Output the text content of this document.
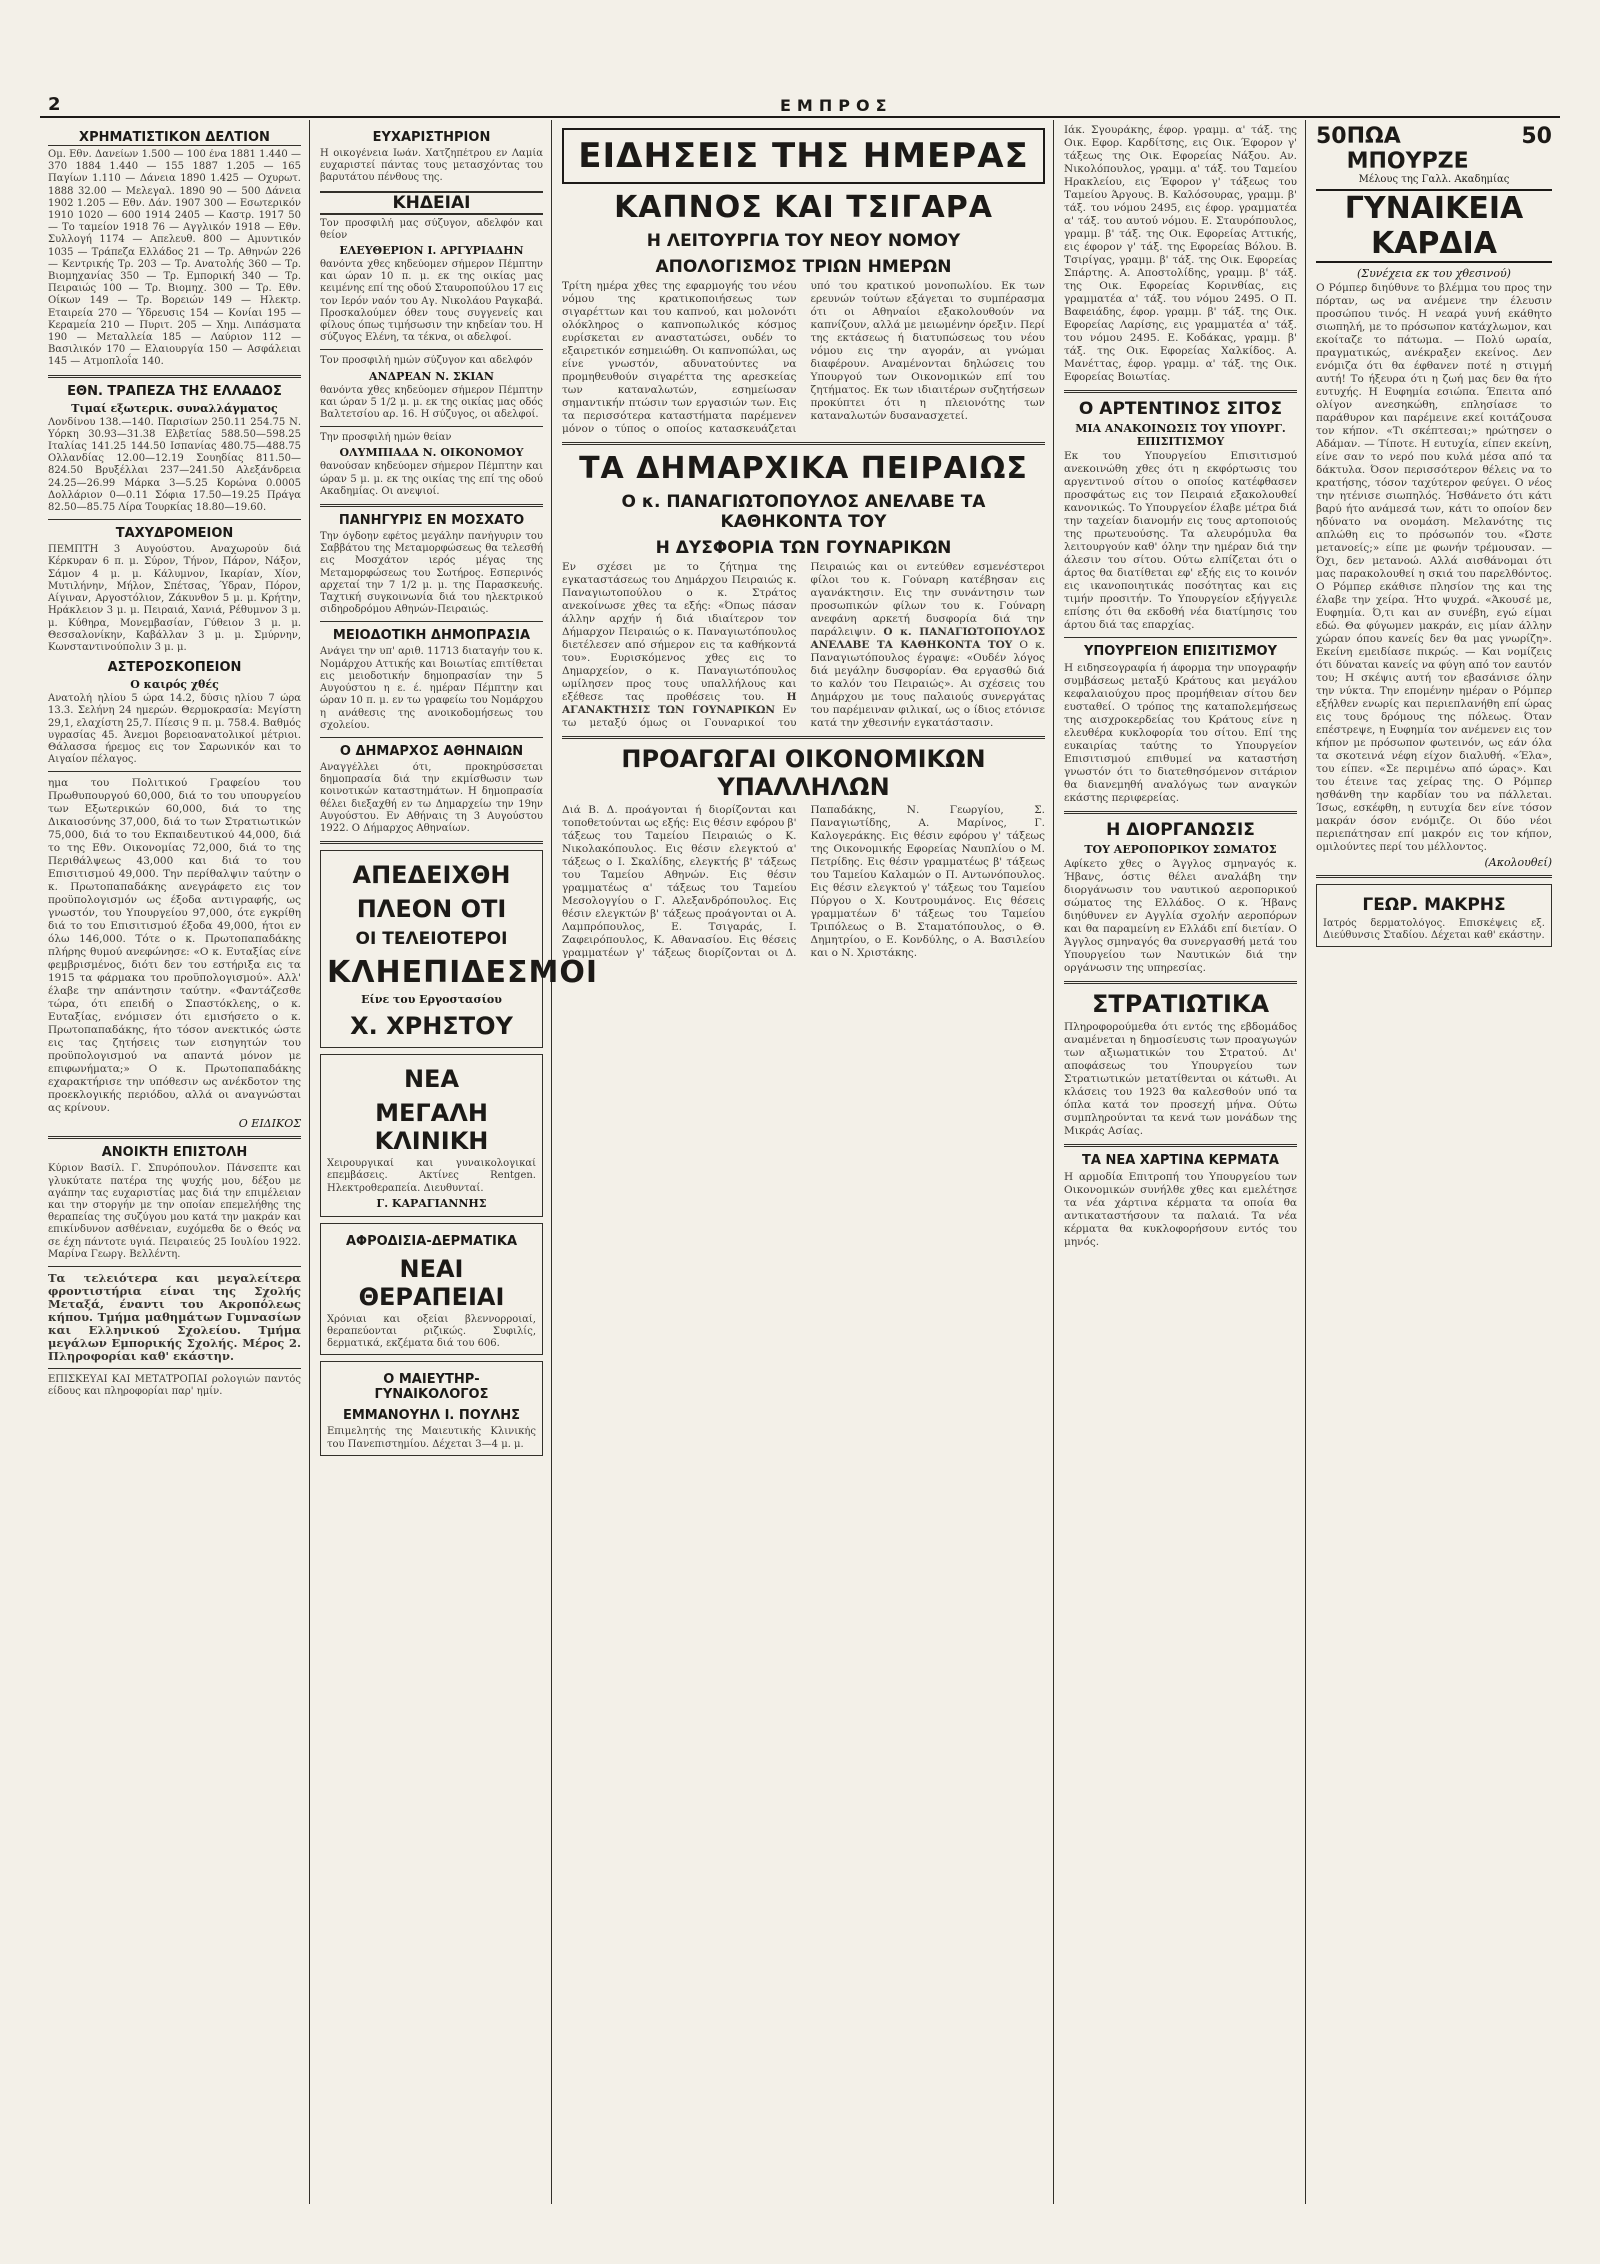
2	ΕΜΠΡΟΣ
ΧΡΗΜΑΤΙΣΤΙΚΟΝ ΔΕΛΤΙΟΝ
Ομ. Εθν. Δανείων 1.500 — 100 ένα 1881 1.440 — 370 1884 1.440 — 155 1887 1.205 — 165 Παγίων 1.110 — Δάνεια 1890 1.425 — Οχυρωτ. 1888 32.00 — Μελεγαλ. 1890 90 — 500 Δάνεια 1902 1.205 — Εθν. Δάν. 1907 300 — Εσωτερικόν 1910 1020 — 600 1914 2405 — Καστρ. 1917 50 — Το ταμείον 1918 76 — Αγγλικόν 1918 — Εθν. Συλλογή 1174 — Απελευθ. 800 — Αμυντικόν 1035 — Τράπεζα Ελλάδος 21 — Τρ. Αθηνών 226 — Κεντρικής Τρ. 203 — Τρ. Ανατολής 360 — Τρ. Βιομηχανίας 350 — Τρ. Εμπορική 340 — Τρ. Πειραιώς 100 — Τρ. Βιομηχ. 300 — Τρ. Εθν. Οίκων 149 — Τρ. Βορειών 149 — Ηλεκτρ. Εταιρεία 270 — Ύδρευσις 154 — Κονίαι 195 — Κεραμεία 210 — Πυριτ. 205 — Χημ. Λιπάσματα 190 — Μεταλλεία 185 — Λαύριον 112 — Βασιλικόν 170 — Ελαιουργία 150 — Ασφάλειαι 145 — Ατμοπλοΐα 140.
ΕΘΝ. ΤΡΑΠΕΖΑ ΤΗΣ ΕΛΛΑΔΟΣ
Τιμαί εξωτερικ. συναλλάγματος
Λονδίνου 138.—140. Παρισίων 250.11 254.75 Ν. Υόρκη 30.93—31.38 Ελβετίας 588.50—598.25 Ιταλίας 141.25 144.50 Ισπανίας 480.75—488.75 Ολλανδίας 12.00—12.19 Σουηδίας 811.50—824.50 Βρυξέλλαι 237—241.50 Αλεξάνδρεια 24.25—26.99 Μάρκα 3—5.25 Κορώνα 0.0005 Δολλάριον 0—0.11 Σόφια 17.50—19.25 Πράγα 82.50—85.75 Λίρα Τουρκίας 18.80—19.60.
ΤΑΧΥΔΡΟΜΕΙΟΝ
ΠΕΜΠΤΗ 3 Αυγούστου. Αναχωρούν διά Κέρκυραν 6 π. μ. Σύρον, Τήνον, Πάρον, Νάξον, Σάμον 4 μ. μ. Κάλυμνον, Ικαρίαν, Χίον, Μυτιλήνην, Μήλον, Σπέτσας, Ύδραν, Πόρον, Αίγιναν, Αργοστόλιον, Ζάκυνθον 5 μ. μ. Κρήτην, Ηράκλειον 3 μ. μ. Πειραιά, Χανιά, Ρέθυμνον 3 μ. μ. Κύθηρα, Μονεμβασίαν, Γύθειον 3 μ. μ. Θεσσαλονίκην, Καβάλλαν 3 μ. μ. Σμύρνην, Κωνσταντινούπολιν 3 μ. μ.
ΑΣΤΕΡΟΣΚΟΠΕΙΟΝ
Ο καιρός χθές
Ανατολή ηλίου 5 ώρα 14.2, δύσις ηλίου 7 ώρα 13.3. Σελήνη 24 ημερών. Θερμοκρασία: Μεγίστη 29,1, ελαχίστη 25,7. Πίεσις 9 π. μ. 758.4. Βαθμός υγρασίας 45. Άνεμοι βορειοανατολικοί μέτριοι. Θάλασσα ήρεμος εις τον Σαρωνικόν και το Αιγαίον πέλαγος.
ημα του Πολιτικού Γραφείου του Πρωθυπουργού 60,000, διά το του υπουργείου των Εξωτερικών 60,000, διά το της Δικαιοσύνης 37,000, διά το των Στρατιωτικών 75,000, διά το του Εκπαιδευτικού 44,000, διά το της Εθν. Οικονομίας 72,000, διά το της Περιθάλψεως 43,000 και διά το του Επισιτισμού 49,000. Την περίθαλψιν ταύτην ο κ. Πρωτοπαπαδάκης ανεγράφετο εις τον προϋπολογισμόν ως έξοδα αντιγραφής, ως γνωστόν, του Υπουργείου 97,000, ότε εγκρίθη διά το του Επισιτισμού έξοδα 49,000, ήτοι εν όλω 146,000. Τότε ο κ. Πρωτοπαπαδάκης πλήρης θυμού ανεφώνησε: «Ο κ. Ευταξίας είνε φεμβρισμένος, διότι δεν του εστήριξα εις τα 1915 τα φάρμακα του προϋπολογισμού». Αλλ' έλαβε την απάντησιν ταύτην. «Φαντάζεσθε τώρα, ότι επειδή ο Σπαστόκλεης, ο κ. Ευταξίας, ενόμισεν ότι εμισήσετο ο κ. Πρωτοπαπαδάκης, ήτο τόσον ανεκτικός ώστε εις τας ζητήσεις των εισηγητών του προϋπολογισμού να απαντά μόνον με επιφωνήματα;» Ο κ. Πρωτοπαπαδάκης εχαρακτήρισε την υπόθεσιν ως ανέκδοτον της προεκλογικής περιόδου, αλλά οι αναγνώσται ας κρίνουν.
Ο ΕΙΔΙΚΟΣ
ΑΝΟΙΚΤΗ ΕΠΙΣΤΟΛΗ
Κύριον Βασίλ. Γ. Σπυρόπουλον. Πάνσεπτε και γλυκύτατε πατέρα της ψυχής μου, δέξου με αγάπην τας ευχαριστίας μας διά την επιμέλειαν και την στοργήν με την οποίαν επεμελήθης της θεραπείας της συζύγου μου κατά την μακράν και επικίνδυνον ασθένειαν, ευχόμεθα δε ο Θεός να σε έχη πάντοτε υγιά. Πειραιεύς 25 Ιουλίου 1922. Μαρίνα Γεωργ. Βελλέντη.
Τα τελειότερα και μεγαλείτερα φροντιστήρια είναι της Σχολής Μεταξά, έναντι του Ακροπόλεως κήπου. Τμήμα μαθημάτων Γυμνασίων και Ελληνικού Σχολείου. Τμήμα μεγάλων Εμπορικής Σχολής. Μέρος 2. Πληροφορίαι καθ' εκάστην.
ΕΠΙΣΚΕΥΑΙ ΚΑΙ ΜΕΤΑΤΡΟΠΑΙ ρολογιών παντός είδους και πληροφορίαι παρ' ημίν.
ΕΥΧΑΡΙΣΤΗΡΙΟΝ
Η οικογένεια Ιωάν. Χατζηπέτρου εν Λαμία ευχαριστεί πάντας τους μετασχόντας του βαρυτάτου πένθους της.
ΚΗΔΕΙΑΙ
Τον προσφιλή μας σύζυγον, αδελφόν και θείον
ΕΛΕΥΘΕΡΙΟΝ Ι. ΑΡΓΥΡΙΑΔΗΝ
θανόντα χθες κηδεύομεν σήμερον Πέμπτην και ώραν 10 π. μ. εκ της οικίας μας κειμένης επί της οδού Σταυροπούλου 17 εις τον Ιερόν ναόν του Αγ. Νικολάου Ραγκαβά. Προσκαλούμεν όθεν τους συγγενείς και φίλους όπως τιμήσωσιν την κηδείαν του. Η σύζυγος Ελένη, τα τέκνα, οι αδελφοί.
Τον προσφιλή ημών σύζυγον και αδελφόν
ΑΝΔΡΕΑΝ Ν. ΣΚΙΑΝ
θανόντα χθες κηδεύομεν σήμερον Πέμπτην και ώραν 5 1/2 μ. μ. εκ της οικίας μας οδός Βαλτετσίου αρ. 16. Η σύζυγος, οι αδελφοί.
Την προσφιλή ημών θείαν
ΟΛΥΜΠΙΑΔΑ Ν. ΟΙΚΟΝΟΜΟΥ
θανούσαν κηδεύομεν σήμερον Πέμπτην και ώραν 5 μ. μ. εκ της οικίας της επί της οδού Ακαδημίας. Οι ανεψιοί.
ΠΑΝΗΓΥΡΙΣ ΕΝ ΜΟΣΧΑΤΟ
Την όγδοην εφέτος μεγάλην πανήγυριν του Σαββάτου της Μεταμορφώσεως θα τελεσθή εις Μοσχάτον ιερός μέγας της Μεταμορφώσεως του Σωτήρος. Εσπερινός αρχεταί την 7 1/2 μ. μ. της Παρασκευής. Ταχτική συγκοινωνία διά του ηλεκτρικού σιδηροδρόμου Αθηνών-Πειραιώς.
ΜΕΙΟΔΟΤΙΚΗ ΔΗΜΟΠΡΑΣΙΑ
Ανάγει την υπ' αριθ. 11713 διαταγήν του κ. Νομάρχου Αττικής και Βοιωτίας επιτίθεται εις μειοδοτικήν δημοπρασίαν την 5 Αυγούστου η ε. έ. ημέραν Πέμπτην και ώραν 10 π. μ. εν τω γραφείω του Νομάρχου η ανάθεσις της ανοικοδομήσεως του σχολείου.
Ο ΔΗΜΑΡΧΟΣ ΑΘΗΝΑΙΩΝ
Αναγγέλλει ότι, προκηρύσσεται δημοπρασία διά την εκμίσθωσιν των κοινοτικών καταστημάτων. Η δημοπρασία θέλει διεξαχθή εν τω Δημαρχείω την 19ην Αυγούστου. Εν Αθήναις τη 3 Αυγούστου 1922. Ο Δήμαρχος Αθηναίων.
ΑΠΕΔΕΙΧΘΗ
ΠΛΕΟΝ ΟΤΙ
ΟΙ ΤΕΛΕΙΟΤΕΡΟΙ
ΚΛΗΕΠΙΔΕΣΜΟΙ
Είνε του Εργοστασίου
Χ. ΧΡΗΣΤΟΥ
ΝΕΑ
ΜΕΓΑΛΗ ΚΛΙΝΙΚΗ
Χειρουργικαί και γυναικολογικαί επεμβάσεις. Ακτίνες Rentgen. Ηλεκτροθεραπεία. Διευθυνταί.
Γ. ΚΑΡΑΓΙΑΝΝΗΣ
ΑΦΡΟΔΙΣΙΑ-ΔΕΡΜΑΤΙΚΑ
ΝΕΑΙ ΘΕΡΑΠΕΙΑΙ
Χρόνιαι και οξείαι βλεννορροιαί, θεραπεύονται ριζικώς. Συφιλίς, δερματικά, εκζέματα διά του 606.
Ο ΜΑΙΕΥΤΗΡ-ΓΥΝΑΙΚΟΛΟΓΟΣ
ΕΜΜΑΝΟΥΗΛ Ι. ΠΟΥΛΗΣ
Επιμελητής της Μαιευτικής Κλινικής του Πανεπιστημίου. Δέχεται 3—4 μ. μ.
ΕΙΔΗΣΕΙΣ ΤΗΣ ΗΜΕΡΑΣ
ΚΑΠΝΟΣ ΚΑΙ ΤΣΙΓΑΡΑ
Η ΛΕΙΤΟΥΡΓΙΑ ΤΟΥ ΝΕΟΥ ΝΟΜΟΥ
ΑΠΟΛΟΓΙΣΜΟΣ ΤΡΙΩΝ ΗΜΕΡΩΝ
Τρίτη ημέρα χθες της εφαρμογής του νέου νόμου της κρατικοποιήσεως των σιγαρέττων και του καπνού, και μολονότι ολόκληρος ο καπνοπωλικός κόσμος ευρίσκεται εν αναστατώσει, ουδέν το εξαιρετικόν εσημειώθη. Οι καπνοπώλαι, ως είνε γνωστόν, αδυνατούντες να προμηθευθούν σιγαρέττα της αρεσκείας των καταναλωτών, εσημείωσαν σημαντικήν πτώσιν των εργασιών των. Εις τα περισσότερα καταστήματα παρέμενεν μόνον ο τύπος ο οποίος κατασκευάζεται υπό του κρατικού μονοπωλίου. Εκ των ερευνών τούτων εξάγεται το συμπέρασμα ότι οι Αθηναίοι εξακολουθούν να καπνίζουν, αλλά με μειωμένην όρεξιν. Περί της εκτάσεως ή διατυπώσεως του νέου νόμου εις την αγοράν, αι γνώμαι διαφέρουν. Αναμένονται δηλώσεις του Υπουργού των Οικονομικών επί του ζητήματος. Εκ των ιδιαιτέρων συζητήσεων προκύπτει ότι η πλειονότης των καταναλωτών δυσανασχετεί.
ΤΑ ΔΗΜΑΡΧΙΚΑ ΠΕΙΡΑΙΩΣ
Ο κ. ΠΑΝΑΓΙΩΤΟΠΟΥΛΟΣ ΑΝΕΛΑΒΕ ΤΑ ΚΑΘΗΚΟΝΤΑ ΤΟΥ
Η ΔΥΣΦΟΡΙΑ ΤΩΝ ΓΟΥΝΑΡΙΚΩΝ
Εν σχέσει με το ζήτημα της εγκαταστάσεως του Δημάρχου Πειραιώς κ. Παναγιωτοπούλου ο κ. Στράτος ανεκοίνωσε χθες τα εξής: «Όπως πάσαν άλλην αρχήν ή διά ιδιαίτερον τον Δήμαρχον Πειραιώς ο κ. Παναγιωτόπουλος διετέλεσεν από σήμερον εις τα καθήκοντά του». Ευρισκόμενος χθες εις το Δημαρχείον, ο κ. Παναγιωτόπουλος ωμίλησεν προς τους υπαλλήλους και εξέθεσε τας προθέσεις του. Η ΑΓΑΝΑΚΤΗΣΙΣ ΤΩΝ ΓΟΥΝΑΡΙΚΩΝ Εν τω μεταξύ όμως οι Γουναρικοί του Πειραιώς και οι εντεύθεν εσμενέστεροι φίλοι του κ. Γούναρη κατέβησαν εις αγανάκτησιν. Εις την συνάντησιν των προσωπικών φίλων του κ. Γούναρη ανεφάνη αρκετή δυσφορία διά την παράλειψιν. Ο κ. ΠΑΝΑΓΙΩΤΟΠΟΥΛΟΣ ΑΝΕΛΑΒΕ ΤΑ ΚΑΘΗΚΟΝΤΑ ΤΟΥ Ο κ. Παναγιωτόπουλος έγραψε: «Ουδέν λόγος διά μεγάλην δυσφορίαν. Θα εργασθώ διά το καλόν του Πειραιώς». Αι σχέσεις του Δημάρχου με τους παλαιούς συνεργάτας του παρέμειναν φιλικαί, ως ο ίδιος ετόνισε κατά την χθεσινήν εγκατάστασιν.
ΠΡΟΑΓΩΓΑΙ ΟΙΚΟΝΟΜΙΚΩΝ ΥΠΑΛΛΗΛΩΝ
Διά Β. Δ. προάγονται ή διορίζονται και τοποθετούνται ως εξής: Εις θέσιν εφόρου β' τάξεως του Ταμείου Πειραιώς ο Κ. Νικολακόπουλος. Εις θέσιν ελεγκτού α' τάξεως ο Ι. Σκαλίδης, ελεγκτής β' τάξεως του Ταμείου Αθηνών. Εις θέσιν γραμματέως α' τάξεως του Ταμείου Μεσολογγίου ο Γ. Αλεξανδρόπουλος. Εις θέσιν ελεγκτών β' τάξεως προάγονται οι Α. Λαμπρόπουλος, Ε. Τσιγαράς, Ι. Ζαφειρόπουλος, Κ. Αθανασίου. Εις θέσεις γραμματέων γ' τάξεως διορίζονται οι Δ. Παπαδάκης, Ν. Γεωργίου, Σ. Παναγιωτίδης, Α. Μαρίνος, Γ. Καλογεράκης. Εις θέσιν εφόρου γ' τάξεως της Οικονομικής Εφορείας Ναυπλίου ο Μ. Πετρίδης. Εις θέσιν γραμματέως β' τάξεως του Ταμείου Καλαμών ο Π. Αντωνόπουλος. Εις θέσιν ελεγκτού γ' τάξεως του Ταμείου Πύργου ο Χ. Κουτρουμάνος. Εις θέσεις γραμματέων δ' τάξεως του Ταμείου Τριπόλεως ο Β. Σταματόπουλος, ο Θ. Δημητρίου, ο Ε. Κονδύλης, ο Α. Βασιλείου και ο Ν. Χριστάκης.
Ιάκ. Σγουράκης, έφορ. γραμμ. α' τάξ. της Οικ. Εφορ. Καρδίτσης, εις Οικ. Έφορον γ' τάξεως της Οικ. Εφορείας Νάξου. Αν. Νικολόπουλος, γραμμ. α' τάξ. του Ταμείου Ηρακλείου, εις Έφορον γ' τάξεως του Ταμείου Άργους. Β. Καλόσουρας, γραμμ. β' τάξ. του νόμου 2495, εις έφορ. γραμματέα α' τάξ. του αυτού νόμου. Ε. Σταυρόπουλος, γραμμ. β' τάξ. της Οικ. Εφορείας Αττικής, εις έφορον γ' τάξ. της Εφορείας Βόλου. Β. Τσιρίγας, γραμμ. β' τάξ. της Οικ. Εφορείας Σπάρτης. Α. Αποστολίδης, γραμμ. β' τάξ. της Οικ. Εφορείας Κορινθίας, εις γραμματέα α' τάξ. του νόμου 2495. Ο Π. Βαφειάδης, έφορ. γραμμ. β' τάξ. της Οικ. Εφορείας Λαρίσης, εις γραμματέα α' τάξ. του νόμου 2495. Ε. Κοδάκας, γραμμ. β' τάξ. της Οικ. Εφορείας Χαλκίδος. Α. Μανέττας, έφορ. γραμμ. α' τάξ. της Οικ. Εφορείας Βοιωτίας.
Ο ΑΡΤΕΝΤΙΝΟΣ ΣΙΤΟΣ
ΜΙΑ ΑΝΑΚΟΙΝΩΣΙΣ ΤΟΥ ΥΠΟΥΡΓ. ΕΠΙΣΙΤΙΣΜΟΥ
Εκ του Υπουργείου Επισιτισμού ανεκοινώθη χθες ότι η εκφόρτωσις του αργεντινού σίτου ο οποίος κατέφθασεν προσφάτως εις τον Πειραιά εξακολουθεί κανονικώς. Το Υπουργείον έλαβε μέτρα διά την ταχείαν διανομήν εις τους αρτοποιούς της πρωτευούσης. Τα αλευρόμυλα θα λειτουργούν καθ' όλην την ημέραν διά την άλεσιν του σίτου. Ούτω ελπίζεται ότι ο άρτος θα διατίθεται εφ' εξής εις το κοινόν εις ικανοποιητικάς ποσότητας και εις τιμήν προσιτήν. Το Υπουργείον εξήγγειλε επίσης ότι θα εκδοθή νέα διατίμησις του άρτου διά τας επαρχίας.
ΥΠΟΥΡΓΕΙΟΝ ΕΠΙΣΙΤΙΣΜΟΥ
Η ειδησεογραφία ή άφορμα την υπογραφήν συμβάσεως μεταξύ Κράτους και μεγάλου κεφαλαιούχου προς προμήθειαν σίτου δεν ευσταθεί. Ο τρόπος της καταπολεμήσεως της αισχροκερδείας του Κράτους είνε η ελευθέρα κυκλοφορία του σίτου. Επί της ευκαιρίας ταύτης το Υπουργείον Επισιτισμού επιθυμεί να καταστήση γνωστόν ότι το διατεθησόμενον σιτάριον θα διανεμηθή αναλόγως των αναγκών εκάστης περιφερείας.
Η ΔΙΟΡΓΑΝΩΣΙΣ
ΤΟΥ ΑΕΡΟΠΟΡΙΚΟΥ ΣΩΜΑΤΟΣ
Αφίκετο χθες ο Άγγλος σμηναγός κ. Ήβανς, όστις θέλει αναλάβη την διοργάνωσιν του ναυτικού αεροπορικού σώματος της Ελλάδος. Ο κ. Ήβανς διηύθυνεν εν Αγγλία σχολήν αεροπόρων και θα παραμείνη εν Ελλάδι επί διετίαν. Ο Άγγλος σμηναγός θα συνεργασθή μετά του Υπουργείου των Ναυτικών διά την οργάνωσιν της υπηρεσίας.
ΣΤΡΑΤΙΩΤΙΚΑ
Πληροφορούμεθα ότι εντός της εβδομάδος αναμένεται η δημοσίευσις των προαγωγών των αξιωματικών του Στρατού. Δι' αποφάσεως του Υπουργείου των Στρατιωτικών μετατίθενται οι κάτωθι. Αι κλάσεις του 1923 θα καλεσθούν υπό τα όπλα κατά τον προσεχή μήνα. Ούτω συμπληρούνται τα κενά των μονάδων της Μικράς Ασίας.
ΤΑ ΝΕΑ ΧΑΡΤΙΝΑ ΚΕΡΜΑΤΑ
Η αρμοδία Επιτροπή του Υπουργείου των Οικονομικών συνήλθε χθες και εμελέτησε τα νέα χάρτινα κέρματα τα οποία θα αντικαταστήσουν τα παλαιά. Τα νέα κέρματα θα κυκλοφορήσουν εντός του μηνός.
50 ΠΩΑ ΜΠΟΥΡΖΕ
50
Μέλους της Γαλλ. Ακαδημίας
ΓΥΝΑΙΚΕΙΑ ΚΑΡΔΙΑ
(Συνέχεια εκ του χθεσινού)
Ο Ρόμπερ διηύθυνε το βλέμμα του προς την πόρταν, ως να ανέμενε την έλευσιν προσώπου τινός. Η νεαρά γυνή εκάθητο σιωπηλή, με το πρόσωπον κατάχλωμον, και εκοίταζε το πάτωμα. — Πολύ ωραία, πραγματικώς, ανέκραξεν εκείνος. Δεν ενόμιζα ότι θα έφθανεν ποτέ η στιγμή αυτή! Το ήξευρα ότι η ζωή μας δεν θα ήτο ευτυχής. Η Ευφημία εσιώπα. Έπειτα από ολίγον ανεσηκώθη, επλησίασε το παράθυρον και παρέμεινε εκεί κοιτάζουσα τον κήπον. «Τι σκέπτεσαι;» ηρώτησεν ο Αδάμαν. — Τίποτε. Η ευτυχία, είπεν εκείνη, είνε σαν το νερό που κυλά μέσα από τα δάκτυλα. Όσον περισσότερον θέλεις να το κρατήσης, τόσον ταχύτερον φεύγει. Ο νέος την ητένισε σιωπηλός. Ήσθάνετο ότι κάτι βαρύ ήτο ανάμεσά των, κάτι το οποίον δεν ηδύνατο να ονομάση. Μελανότης τις απλώθη εις το πρόσωπόν του. «Ώστε μετανοείς;» είπε με φωνήν τρέμουσαν. — Όχι, δεν μετανοώ. Αλλά αισθάνομαι ότι μας παρακολουθεί η σκιά του παρελθόντος. Ο Ρόμπερ εκάθισε πλησίον της και της έλαβε την χείρα. Ήτο ψυχρά. «Άκουσέ με, Ευφημία. Ό,τι και αν συνέβη, εγώ είμαι εδώ. Θα φύγωμεν μακράν, εις μίαν άλλην χώραν όπου κανείς δεν θα μας γνωρίζη». Εκείνη εμειδίασε πικρώς. — Και νομίζεις ότι δύναται κανείς να φύγη από τον εαυτόν του; Η σκέψις αυτή τον εβασάνισε όλην την νύκτα. Την επομένην ημέραν ο Ρόμπερ εξήλθεν ενωρίς και περιεπλανήθη επί ώρας εις τους δρόμους της πόλεως. Όταν επέστρεψε, η Ευφημία τον ανέμενεν εις τον κήπον με πρόσωπον φωτεινόν, ως εάν όλα τα σκοτεινά νέφη είχον διαλυθή. «Έλα», του είπεν. «Σε περιμένω από ώρας». Και του έτεινε τας χείρας της. Ο Ρόμπερ ησθάνθη την καρδίαν του να πάλλεται. Ίσως, εσκέφθη, η ευτυχία δεν είνε τόσον μακράν όσον ενόμιζε. Οι δύο νέοι περιεπάτησαν επί μακρόν εις τον κήπον, ομιλούντες περί του μέλλοντος.
(Ακολουθεί)
ΓΕΩΡ. ΜΑΚΡΗΣ
Ιατρός δερματολόγος. Επισκέψεις εξ. Διεύθυνσις Σταδίου. Δέχεται καθ' εκάστην.
